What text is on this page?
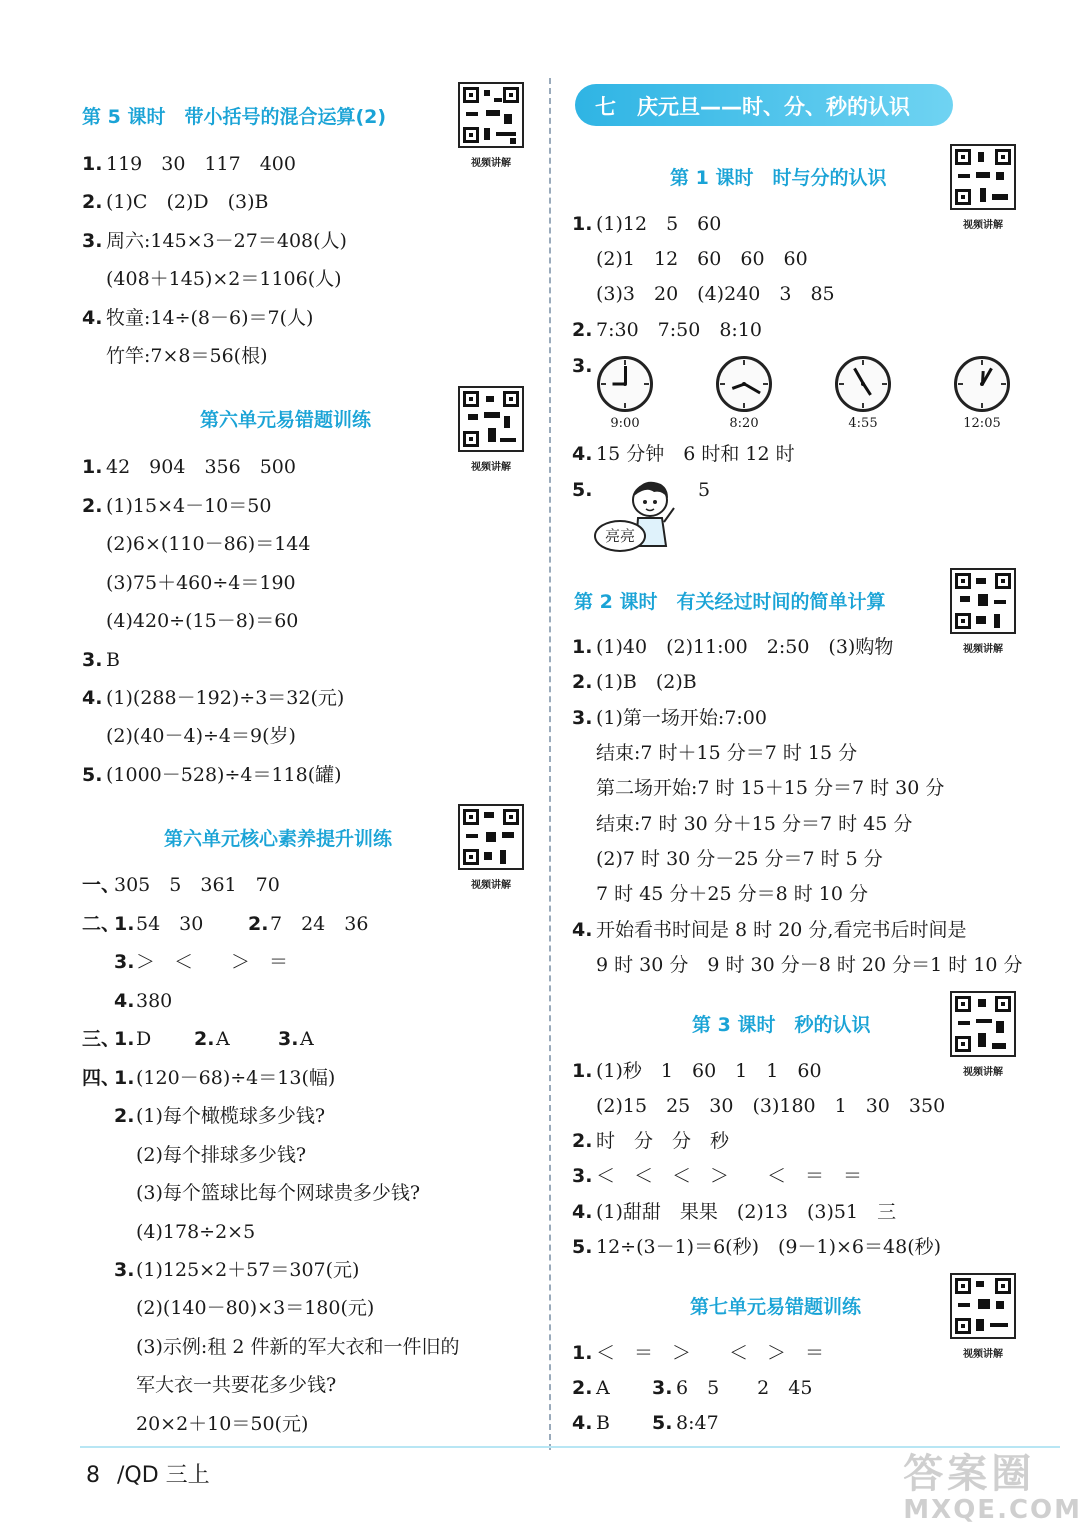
第 5 课时　带小括号的混合运算(2)
1. 119　30　117　400
2. (1)C　(2)D　(3)B
3. 周六:145×3－27＝408(人)
(408＋145)×2＝1106(人)
4. 牧童:14÷(8－6)＝7(人)
竹竿:7×8＝56(根)
第六单元易错题训练
1. 42　904　356　500
2. (1)15×4－10＝50
(2)6×(110－86)＝144
(3)75＋460÷4＝190
(4)420÷(15－8)＝60
3. B
4. (1)(288－192)÷3＝32(元)
(2)(40－4)÷4＝9(岁)
5. (1000－528)÷4＝118(罐)
第六单元核心素养提升训练
一、
305　5　361　70
二、
1. 54　30 2. 7　24　36
3. ＞　＜　　＞　＝
4. 380
三、
1. D 2. A	3. A
四、
1. (120－68)÷4＝13(幅)
2. (1)每个橄榄球多少钱?
(2)每个排球多少钱?
(3)每个篮球比每个网球贵多少钱?
(4)178÷2×5
3. (1)125×2＋57＝307(元)
(2)(140－80)×3＝180(元)
(3)示例:租 2 件新的军大衣和一件旧的
军大衣一共要花多少钱?
20×2＋10＝50(元)
视频讲解
视频讲解
视频讲解
七 庆元旦——时、分、秒的认识
第 1 课时　时与分的认识
1. (1)12　5　60
(2)1　12　60　60　60
(3)3　20　(4)240　3　85
2. 7:30　7:50　8:10
3.
9:00	8:20	4:55	12:05
4. 15 分钟　6 时和 12 时
5.	5
亮亮
第 2 课时　有关经过时间的简单计算
1. (1)40　(2)11:00　2:50　(3)购物
2. (1)B　(2)B
3. (1)第一场开始:7:00
结束:7 时＋15 分＝7 时 15 分
第二场开始:7 时 15＋15 分＝7 时 30 分
结束:7 时 30 分＋15 分＝7 时 45 分
(2)7 时 30 分－25 分＝7 时 5 分
7 时 45 分＋25 分＝8 时 10 分
4. 开始看书时间是 8 时 20 分,看完书后时间是
9 时 30 分　9 时 30 分－8 时 20 分＝1 时 10 分
第 3 课时　秒的认识
1. (1)秒　1　60　1　1　60
(2)15　25　30　(3)180　1　30　350
2. 时　分　分　秒
3. ＜　＜　＜　＞　　＜　＝　＝
4. (1)甜甜　果果　(2)13　(3)51　三
5. 12÷(3－1)＝6(秒)　(9－1)×6＝48(秒)
第七单元易错题训练
1. ＜　＝　＞　　＜　＞　＝
2. A 3. 6　5　　2　45
4. B 5. 8:47
视频讲解
视频讲解
视频讲解
视频讲解
8 /QD 三上	答案圈
MXQE.COM
